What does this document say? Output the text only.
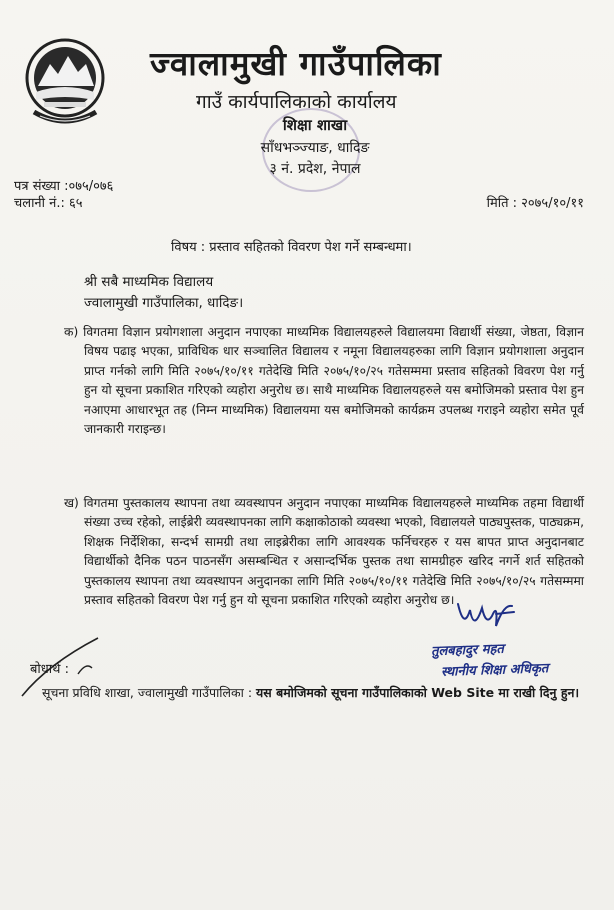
ज्वालामुखी गाउँपालिका
गाउँ कार्यपालिकाको कार्यालय
शिक्षा शाखा
साँधभञ्ज्याङ, धादिङ
३ नं. प्रदेश, नेपाल
पत्र संख्या :०७५/०७६
चलानी नं.: ६५	मिति : २०७५/१०/११
विषय : प्रस्ताव सहितको विवरण पेश गर्ने सम्बन्धमा।
श्री सबै माध्यमिक विद्यालय
ज्वालामुखी गाउँपालिका, धादिङ।
क) विगतमा विज्ञान प्रयोगशाला अनुदान नपाएका माध्यमिक विद्यालयहरुले विद्यालयमा विद्यार्थी संख्या, जेष्ठता, विज्ञान विषय पढाइ भएका, प्राविधिक धार सञ्चालित विद्यालय र नमूना विद्यालयहरुका लागि विज्ञान प्रयोगशाला अनुदान प्राप्त गर्नको लागि मिति २०७५/१०/११ गतेदेखि मिति २०७५/१०/२५ गतेसम्ममा प्रस्ताव सहितको विवरण पेश गर्नु हुन यो सूचना प्रकाशित गरिएको व्यहोरा अनुरोध छ। साथै माध्यमिक विद्यालयहरुले यस बमोजिमको प्रस्ताव पेश हुन नआएमा आधारभूत तह (निम्न माध्यमिक) विद्यालयमा यस बमोजिमको कार्यक्रम उपलब्ध गराइने व्यहोरा समेत पूर्व जानकारी गराइन्छ।
ख) विगतमा पुस्तकालय स्थापना तथा व्यवस्थापन अनुदान नपाएका माध्यमिक विद्यालयहरुले माध्यमिक तहमा विद्यार्थी संख्या उच्च रहेको, लाईब्रेरी व्यवस्थापनका लागि कक्षाकोठाको व्यवस्था भएको, विद्यालयले पाठ्यपुस्तक, पाठ्यक्रम, शिक्षक निर्देशिका, सन्दर्भ सामग्री तथा लाइब्रेरीका लागि आवश्यक फर्निचरहरु र यस बापत प्राप्त अनुदानबाट विद्यार्थीको दैनिक पठन पाठनसँग असम्बन्धित र असान्दर्भिक पुस्तक तथा सामग्रीहरु खरिद नगर्ने शर्त सहितको पुस्तकालय स्थापना तथा व्यवस्थापन अनुदानका लागि मिति २०७५/१०/११ गतेदेखि मिति २०७५/१०/२५ गतेसम्ममा प्रस्ताव सहितको विवरण पेश गर्नु हुन यो सूचना प्रकाशित गरिएको व्यहोरा अनुरोध छ।
तुलबहादुर महत
स्थानीय शिक्षा अधिकृत
बोधार्थ :
सूचना प्रविधि शाखा, ज्वालामुखी गाउँपालिका : यस बमोजिमको सूचना गाउँपालिकाको Web Site मा राखी दिनु हुन।
